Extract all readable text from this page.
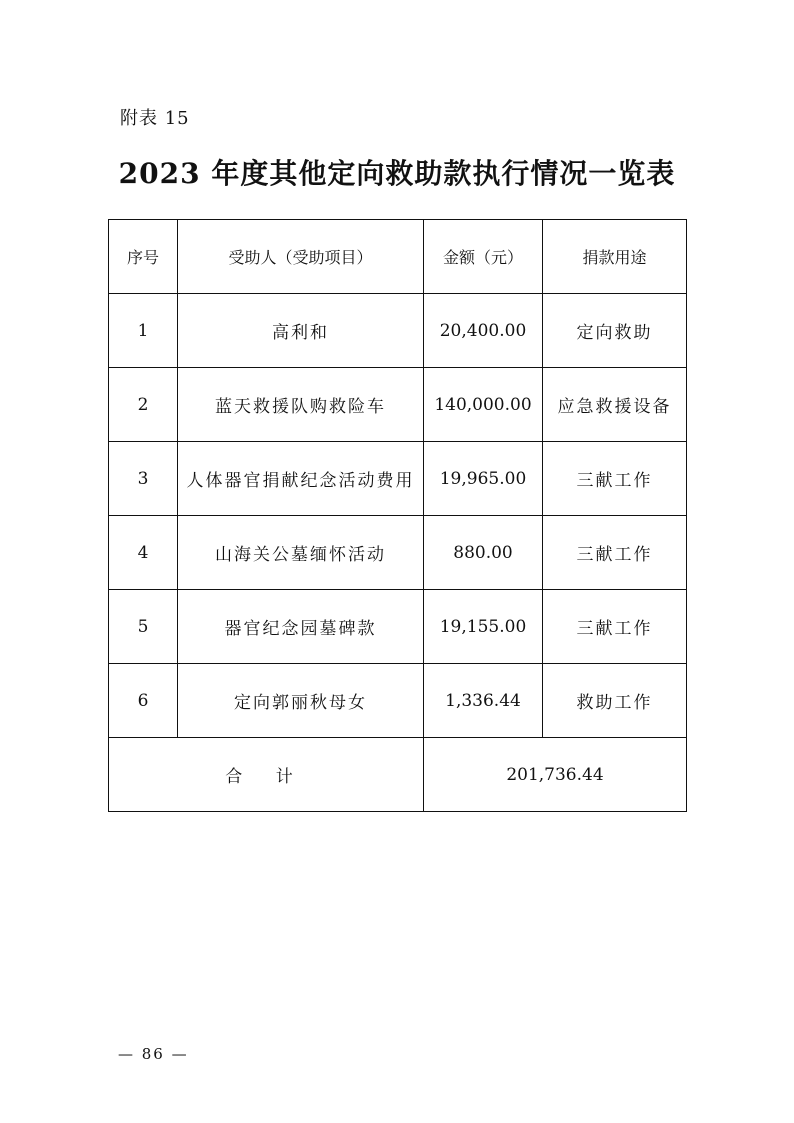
附表 15
2023 年度其他定向救助款执行情况一览表
序号	受助人（受助项目）	金额（元）	捐款用途
1	高利和	20,400.00	定向救助
2	蓝天救援队购救险车	140,000.00	应急救援设备
3	人体器官捐献纪念活动费用	19,965.00	三献工作
4	山海关公墓缅怀活动	880.00	三献工作
5	器官纪念园墓碑款	19,155.00	三献工作
6	定向郭丽秋母女	1,336.44	救助工作
合 计		201,736.44	
— 86 —
